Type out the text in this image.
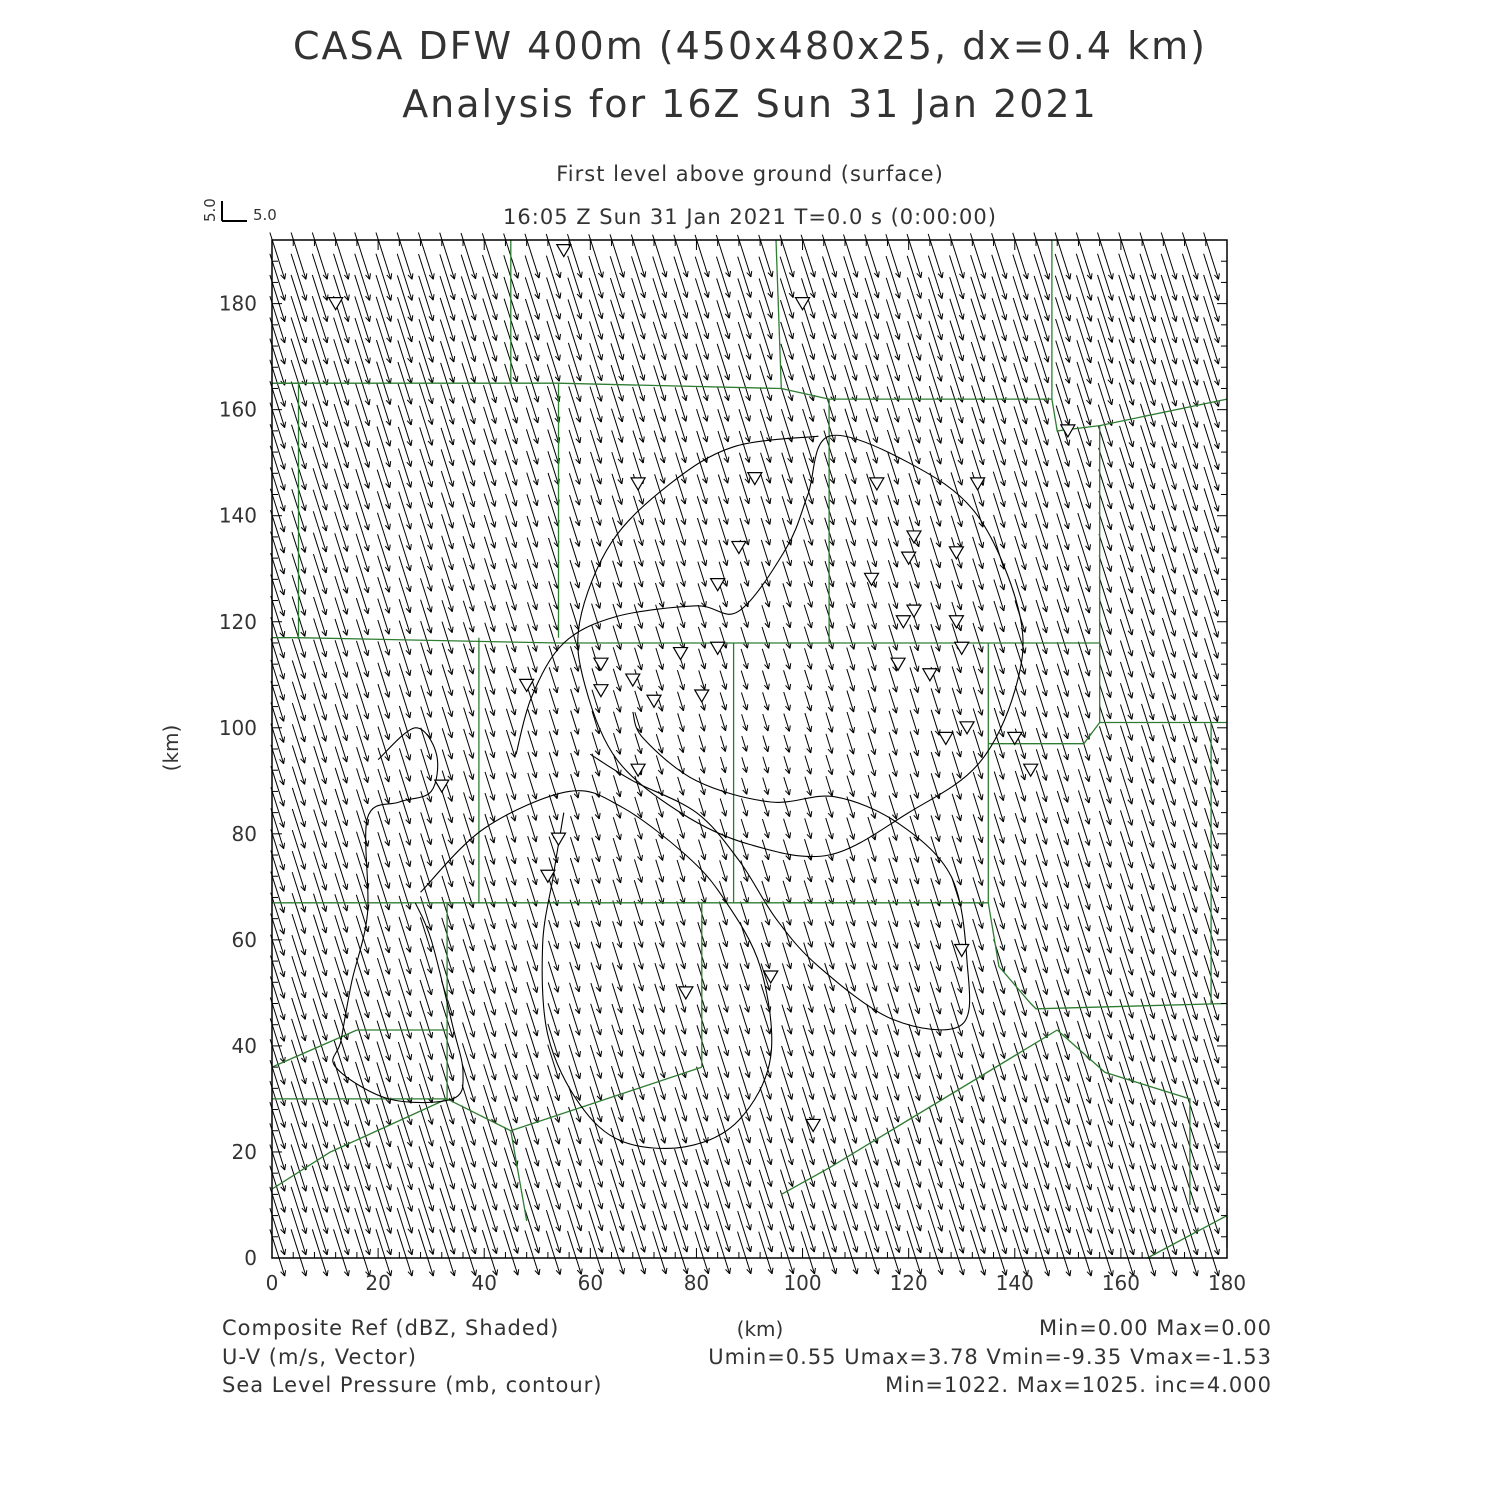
CASA DFW 400m (450x480x25, dx=0.4 km)
Analysis for 16Z Sun 31 Jan 2021
First level above ground (surface)
16:05 Z Sun 31 Jan 2021 T=0.0 s (0:00:00)
5.0 5.0
0	20	40	60	80	100	120	140	160	180
0
20
40
60
80
100
120
140
160
180
(km)
(km)
Composite Ref (dBZ, Shaded)	Min=0.00 Max=0.00
U-V (m/s, Vector)	Umin=0.55 Umax=3.78 Vmin=-9.35 Vmax=-1.53
Sea Level Pressure (mb, contour)	Min=1022. Max=1025. inc=4.000
